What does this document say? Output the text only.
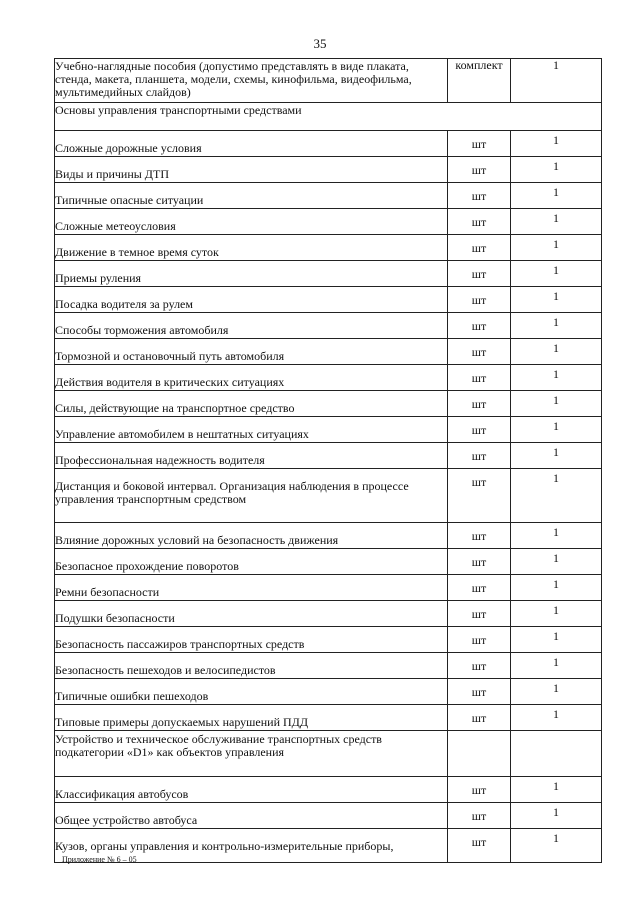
35
Учебно-наглядные пособия (допустимо представлять в виде плаката, стенда, макета, планшета, модели, схемы, кинофильма, видеофильма, мультимедийных слайдов)	комплект	1
Основы управления транспортными средствами		
Сложные дорожные условия	шт	1
Виды и причины ДТП	шт	1
Типичные опасные ситуации	шт	1
Сложные метеоусловия	шт	1
Движение в темное время суток	шт	1
Приемы руления	шт	1
Посадка водителя за рулем	шт	1
Способы торможения автомобиля	шт	1
Тормозной и остановочный путь автомобиля	шт	1
Действия водителя в критических ситуациях	шт	1
Силы, действующие на транспортное средство	шт	1
Управление автомобилем в нештатных ситуациях	шт	1
Профессиональная надежность водителя	шт	1
Дистанция и боковой интервал. Организация наблюдения в процессе управления транспортным средством	шт	1
Влияние дорожных условий на безопасность движения	шт	1
Безопасное прохождение поворотов	шт	1
Ремни безопасности	шт	1
Подушки безопасности	шт	1
Безопасность пассажиров транспортных средств	шт	1
Безопасность пешеходов и велосипедистов	шт	1
Типичные ошибки пешеходов	шт	1
Типовые примеры допускаемых нарушений ПДД	шт	1
Устройство и техническое обслуживание транспортных средств подкатегории «D1» как объектов управления		
Классификация автобусов	шт	1
Общее устройство автобуса	шт	1
Кузов, органы управления и контрольно-измерительные приборы,	шт	1
Приложение № 6 – 05
